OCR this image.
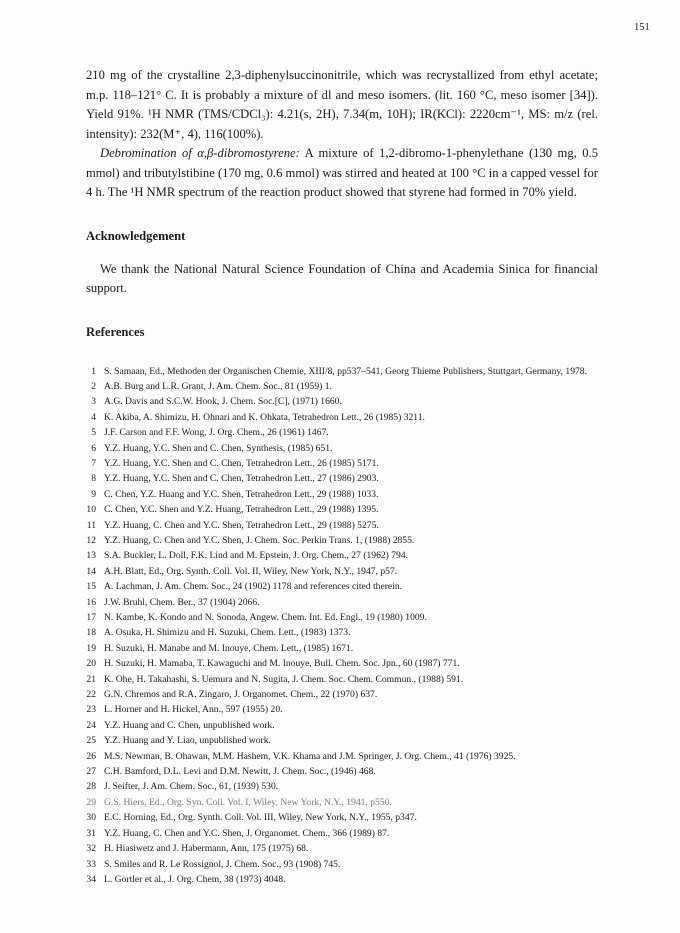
151

210 mg of the crystalline 2,3-diphenylsuccinonitrile, which was recrystallized from ethyl acetate; m.p. 118–121° C. It is probably a mixture of dl and meso isomers. (lit. 160 °C, meso isomer [34]). Yield 91%. ¹H NMR (TMS/CDCl₃): 4.21(s, 2H), 7.34(m, 10H); IR(KCl): 2220cm⁻¹, MS: m/z (rel. intensity): 232(M⁺, 4), 116(100%).

Debromination of α,β-dibromostyrene: A mixture of 1,2-dibromo-1-phenylethane (130 mg, 0.5 mmol) and tributylstibine (170 mg, 0.6 mmol) was stirred and heated at 100 °C in a capped vessel for 4 h. The ¹H NMR spectrum of the reaction product showed that styrene had formed in 70% yield.

Acknowledgement

We thank the National Natural Science Foundation of China and Academia Sinica for financial support.

References
1 S. Samaan, Ed., Methoden der Organischen Chemie, XIII/8, pp537–541, Georg Thieme Publishers, Stuttgart, Germany, 1978.
2 A.B. Burg and L.R. Grant, J. Am. Chem. Soc., 81 (1959) 1.
3 A.G. Davis and S.C.W. Hook, J. Chem. Soc.[C], (1971) 1660.
4 K. Akiba, A. Shimizu, H. Ohnari and K. Ohkata, Tetrahedron Lett., 26 (1985) 3211.
5 J.F. Carson and F.F. Wong, J. Org. Chem., 26 (1961) 1467.
6 Y.Z. Huang, Y.C. Shen and C. Chen, Synthesis, (1985) 651.
7 Y.Z. Huang, Y.C. Shen and C. Chen, Tetrahedron Lett., 26 (1985) 5171.
8 Y.Z. Huang, Y.C. Shen and C. Chen, Tetrahedron Lett., 27 (1986) 2903.
9 C. Chen, Y.Z. Huang and Y.C. Shen, Tetrahedron Lett., 29 (1988) 1033.
10 C. Chen, Y.C. Shen and Y.Z. Huang, Tetrahedron Lett., 29 (1988) 1395.
11 Y.Z. Huang, C. Chen and Y.C. Shen, Tetrahedron Lett., 29 (1988) 5275.
12 Y.Z. Huang, C. Chen and Y.C. Shen, J. Chem. Soc. Perkin Trans. 1, (1988) 2855.
13 S.A. Buckler, L. Doll, F.K. Lind and M. Epstein, J. Org. Chem., 27 (1962) 794.
14 A.H. Blatt, Ed., Org. Synth. Coll. Vol. II, Wiley, New York, N.Y., 1947, p57.
15 A. Lachman, J. Am. Chem. Soc., 24 (1902) 1178 and references cited therein.
16 J.W. Bruhl, Chem. Ber., 37 (1904) 2066.
17 N. Kambe, K. Kondo and N. Sonoda, Angew. Chem. Int. Ed. Engl., 19 (1980) 1009.
18 A. Osuka, H. Shimizu and H. Suzuki, Chem. Lett., (1983) 1373.
19 H. Suzuki, H. Manabe and M. Inouye, Chem. Lett., (1985) 1671.
20 H. Suzuki, H. Mamaba, T. Kawaguchi and M. Inouye, Bull. Chem. Soc. Jpn., 60 (1987) 771.
21 K. Ohe, H. Takahashi, S. Uemura and N. Sugita, J. Chem. Soc. Chem. Commun., (1988) 591.
22 G.N. Chremos and R.A. Zingaro, J. Organomet. Chem., 22 (1970) 637.
23 L. Horner and H. Hickel, Ann., 597 (1955) 20.
24 Y.Z. Huang and C. Chen, unpublished work.
25 Y.Z. Huang and Y. Liao, unpublished work.
26 M.S. Newman, B. Ohawan, M.M. Hashem, V.K. Khama and J.M. Springer, J. Org. Chem., 41 (1976) 3925.
27 C.H. Bamford, D.L. Levi and D.M. Newitt, J. Chem. Soc., (1946) 468.
28 J. Seifter, J. Am. Chem. Soc., 61, (1939) 530.
29 G.S. Hiers, Ed., Org. Syn. Coll. Vol. I, Wiley, New York, N.Y., 1941, p550.
30 E.C. Horning, Ed., Org. Synth. Coll. Vol. III, Wiley, New York, N.Y., 1955, p347.
31 Y.Z. Huang, C. Chen and Y.C. Shen, J. Organomet. Chem., 366 (1989) 87.
32 H. Hiasiwetz and J. Habermann, Ann, 175 (1975) 68.
33 S. Smiles and R. Le Rossignol, J. Chem. Soc., 93 (1908) 745.
34 L. Gortler et al., J. Org. Chem, 38 (1973) 4048.
